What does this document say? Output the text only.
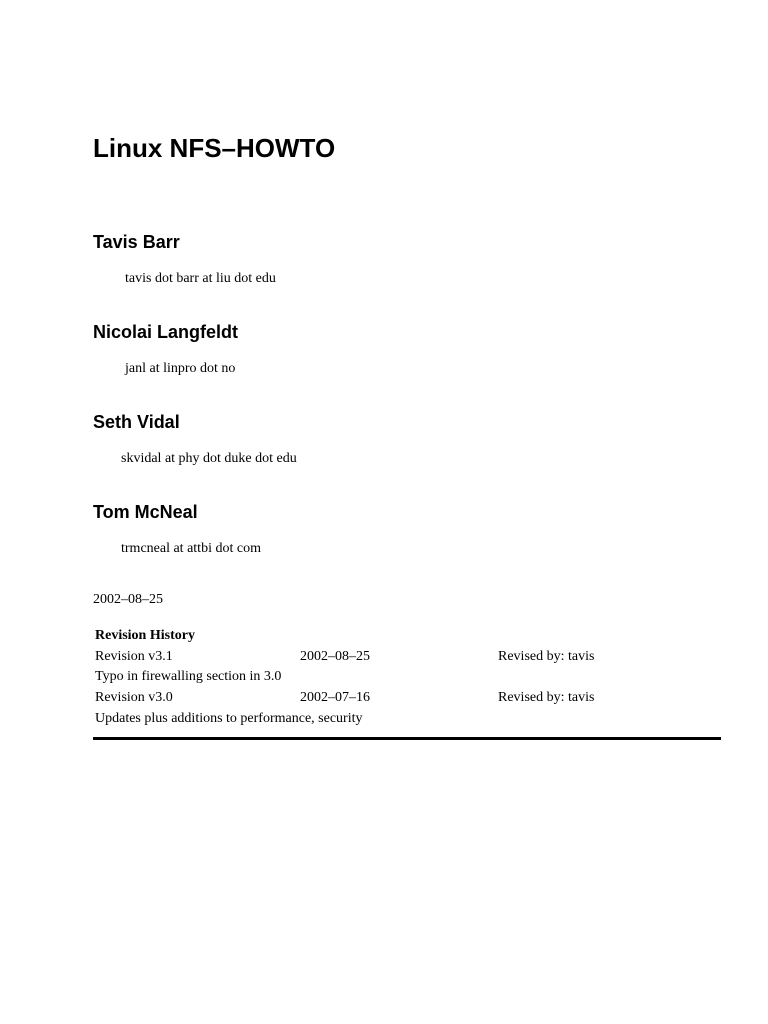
Linux NFS–HOWTO
Tavis Barr

tavis dot barr at liu dot edu

Nicolai Langfeldt

janl at linpro dot no

Seth Vidal

skvidal at phy dot duke dot edu

Tom McNeal

trmcneal at attbi dot com

2002–08–25

Revision History
Revision v3.1	2002–08–25	Revised by: tavis
Typo in firewalling section in 3.0
Revision v3.0	2002–07–16	Revised by: tavis
Updates plus additions to performance, security
